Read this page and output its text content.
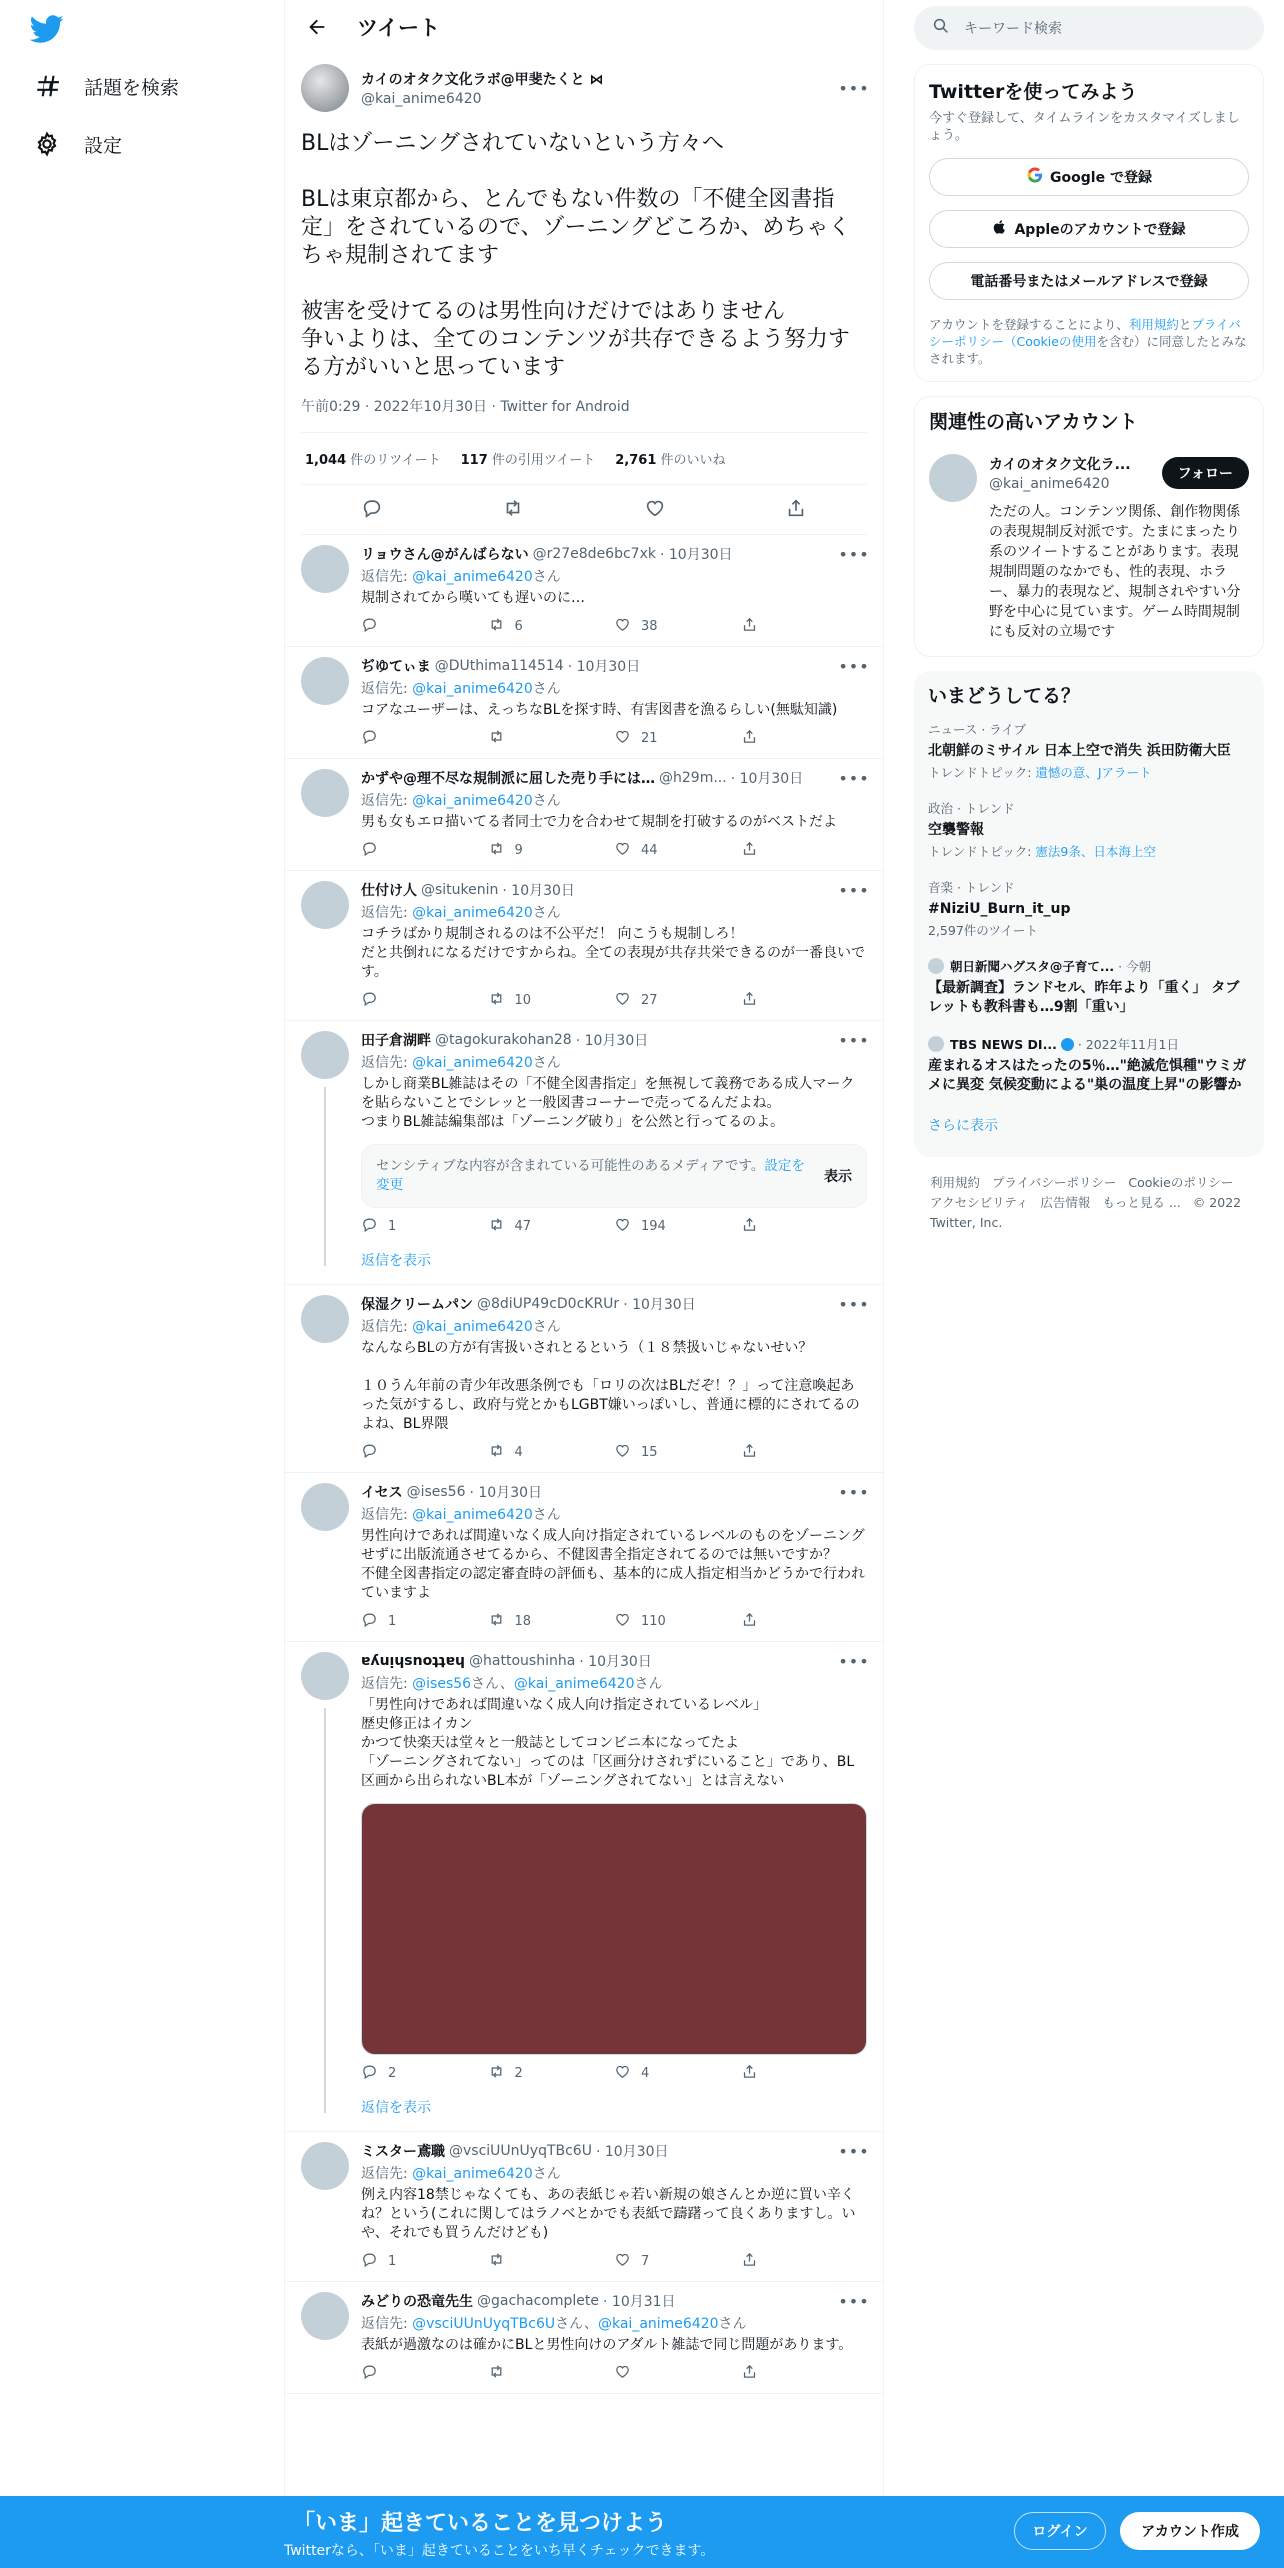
話題を検索
設定
ツイート
カイのオタク文化ラボ@甲斐たくと ⋈
@kai_anime6420
•••
BLはゾーニングされていないという方々へ

BLは東京都から、とんでもない件数の「不健全図書指定」をされているので、ゾーニングどころか、めちゃくちゃ規制されてます

被害を受けてるのは男性向けだけではありません
争いよりは、全てのコンテンツが共存できるよう努力する方がいいと思っています
午前0:29 · 2022年10月30日 · Twitter for Android
1,044 件のリツイート 117 件の引用ツイート 2,761 件のいいね
リョウさん@がんばらない @r27e8de6bc7xk · 10月30日	•••
返信先: @kai_anime6420さん
規制されてから嘆いても遅いのに…
6	38
ぢゆてぃま @DUthima114514 · 10月30日	•••
返信先: @kai_anime6420さん
コアなユーザーは、えっちなBLを探す時、有害図書を漁るらしい(無駄知識)
21
かずや@理不尽な規制派に屈した売り手には… @h29m... · 10月30日 •••
返信先: @kai_anime6420さん
男も女もエロ描いてる者同士で力を合わせて規制を打破するのがベストだよ
9	44
仕付け人 @situkenin · 10月30日	•••
返信先: @kai_anime6420さん
コチラばかり規制されるのは不公平だ！ 向こうも規制しろ！
だと共倒れになるだけですからね。全ての表現が共存共栄できるのが一番良いです。
10	27
田子倉湖畔 @tagokurakohan28 · 10月30日	•••
返信先: @kai_anime6420さん
しかし商業BL雑誌はその「不健全図書指定」を無視して義務である成人マークを貼らないことでシレッと一般図書コーナーで売ってるんだよね。
つまりBL雑誌編集部は「ゾーニング破り」を公然と行ってるのよ。
センシティブな内容が含まれている可能性のあるメディアです。設定を変更	表示
1	47	194
返信を表示
保湿クリームパン @8diUP49cD0cKRUr · 10月30日	•••
返信先: @kai_anime6420さん
なんならBLの方が有害扱いされとるという（１８禁扱いじゃないせい？

１０うん年前の青少年改悪条例でも「ロリの次はBLだぞ！？」って注意喚起あった気がするし、政府与党とかもLGBT嫌いっぽいし、普通に標的にされてるのよね、BL界隈
4	15
イセス @ises56 · 10月30日	•••
返信先: @kai_anime6420さん
男性向けであれば間違いなく成人向け指定されているレベルのものをゾーニングせずに出版流通させてるから、不健図書全指定されてるのでは無いですか？
不健全図書指定の認定審査時の評価も、基本的に成人指定相当かどうかで行われていますよ
1	18	110
ɐʎuᴉɥsnoʇʇɐɥ @hattoushinha · 10月30日	•••
返信先: @ises56さん、@kai_anime6420さん
「男性向けであれば間違いなく成人向け指定されているレベル」
歴史修正はイカン
かつて快楽天は堂々と一般誌としてコンビニ本になってたよ
「ゾーニングされてない」ってのは「区画分けされずにいること」であり、BL区画から出られないBL本が「ゾーニングされてない」とは言えない
2	2	4
返信を表示
ミスター鳶職 @vsciUUnUyqTBc6U · 10月30日	•••
返信先: @kai_anime6420さん
例え内容18禁じゃなくても、あの表紙じゃ若い新規の娘さんとか逆に買い辛くね？という(これに関してはラノベとかでも表紙で躊躇って良くありますし。いや、それでも買うんだけども)
1	7
みどりの恐竜先生 @gachacomplete · 10月31日	•••
返信先: @vsciUUnUyqTBc6Uさん、@kai_anime6420さん
表紙が過激なのは確かにBLと男性向けのアダルト雑誌で同じ問題があります。
キーワード検索
Twitterを使ってみよう
今すぐ登録して、タイムラインをカスタマイズしましょう。
Google で登録
Appleのアカウントで登録
電話番号またはメールアドレスで登録
アカウントを登録することにより、利用規約とプライバシーポリシー（Cookieの使用を含む）に同意したとみなされます。
関連性の高いアカウント
カイのオタク文化ラ...
@kai_anime6420
フォロー
ただの人。コンテンツ関係、創作物関係の表現規制反対派です。たまにまったり系のツイートすることがあります。表現規制問題のなかでも、性的表現、ホラー、暴力的表現など、規制されやすい分野を中心に見ています。ゲーム時間規制にも反対の立場です
いまどうしてる？
ニュース · ライブ
北朝鮮のミサイル 日本上空で消失 浜田防衛大臣
トレンドトピック: 遺憾の意、Jアラート
政治 · トレンド
空襲警報
トレンドトピック: 憲法9条、日本海上空
音楽 · トレンド
#NiziU_Burn_it_up
2,597件のツイート
朝日新聞ハグスタ@子育て... · 今朝
【最新調査】ランドセル、昨年より「重く」 タブレットも教科書も…9割「重い」
TBS NEWS DI... · 2022年11月1日
産まれるオスはたったの5％…"絶滅危惧種"ウミガメに異変 気候変動による"巣の温度上昇"の影響か
さらに表示
利用規約 プライバシーポリシー Cookieのポリシーアクセシビリティ 広告情報 もっと見る ... © 2022 Twitter, Inc.
「いま」起きていることを見つけよう
Twitterなら、「いま」起きていることをいち早くチェックできます。
ログイン	アカウント作成
